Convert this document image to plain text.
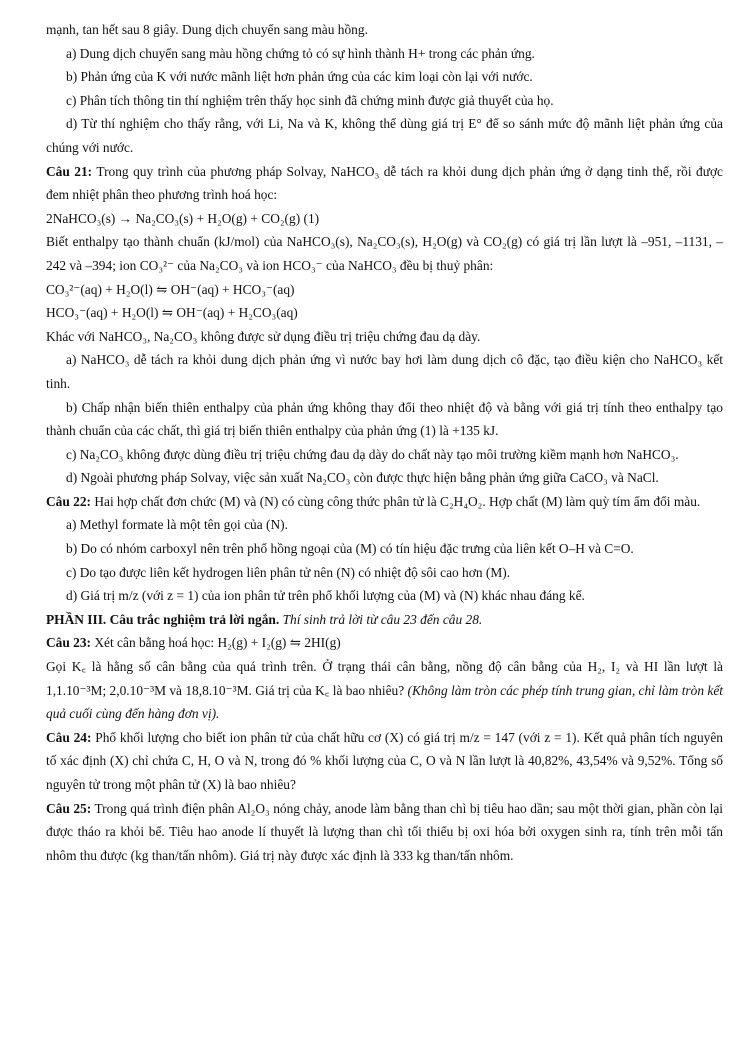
mạnh, tan hết sau 8 giây. Dung dịch chuyển sang màu hồng.

a) Dung dịch chuyển sang màu hồng chứng tỏ có sự hình thành H+ trong các phản ứng.

b) Phản ứng của K với nước mãnh liệt hơn phản ứng của các kim loại còn lại với nước.

c) Phân tích thông tin thí nghiệm trên thấy học sinh đã chứng minh được giả thuyết của họ.

d) Từ thí nghiệm cho thấy rằng, với Li, Na và K, không thể dùng giá trị E° để so sánh mức độ mãnh liệt phản ứng của chúng với nước.

Câu 21: Trong quy trình của phương pháp Solvay, NaHCO₃ dễ tách ra khỏi dung dịch phản ứng ở dạng tinh thể, rồi được đem nhiệt phân theo phương trình hoá học:

2NaHCO₃(s) → Na₂CO₃(s) + H₂O(g) + CO₂(g) (1)

Biết enthalpy tạo thành chuẩn (kJ/mol) của NaHCO₃(s), Na₂CO₃(s), H₂O(g) và CO₂(g) có giá trị lần lượt là –951, –1131, –242 và –394; ion CO₃²⁻ của Na₂CO₃ và ion HCO₃⁻ của NaHCO₃ đều bị thuỷ phân:

CO₃²⁻(aq) + H₂O(l) ⇋ OH⁻(aq) + HCO₃⁻(aq)

HCO₃⁻(aq) + H₂O(l) ⇋ OH⁻(aq) + H₂CO₃(aq)

Khác với NaHCO₃, Na₂CO₃ không được sử dụng điều trị triệu chứng đau dạ dày.

a) NaHCO₃ dễ tách ra khỏi dung dịch phản ứng vì nước bay hơi làm dung dịch cô đặc, tạo điều kiện cho NaHCO₃ kết tinh.

b) Chấp nhận biến thiên enthalpy của phản ứng không thay đổi theo nhiệt độ và bằng với giá trị tính theo enthalpy tạo thành chuẩn của các chất, thì giá trị biến thiên enthalpy của phản ứng (1) là +135 kJ.

c) Na₂CO₃ không được dùng điều trị triệu chứng đau dạ dày do chất này tạo môi trường kiềm mạnh hơn NaHCO₃.

d) Ngoài phương pháp Solvay, việc sản xuất Na₂CO₃ còn được thực hiện bằng phản ứng giữa CaCO₃ và NaCl.

Câu 22: Hai hợp chất đơn chức (M) và (N) có cùng công thức phân tử là C₂H₄O₂. Hợp chất (M) làm quỳ tím ẩm đổi màu.

a) Methyl formate là một tên gọi của (N).

b) Do có nhóm carboxyl nên trên phổ hồng ngoại của (M) có tín hiệu đặc trưng của liên kết O–H và C=O.

c) Do tạo được liên kết hydrogen liên phân tử nên (N) có nhiệt độ sôi cao hơn (M).

d) Giá trị m/z (với z = 1) của ion phân tử trên phổ khối lượng của (M) và (N) khác nhau đáng kể.

PHẦN III. Câu trắc nghiệm trả lời ngắn. Thí sinh trả lời từ câu 23 đến câu 28.

Câu 23: Xét cân bằng hoá học: H₂(g) + I₂(g) ⇋ 2HI(g)

Gọi K꜀ là hằng số cân bằng của quá trình trên. Ở trạng thái cân bằng, nồng độ cân bằng của H₂, I₂ và HI lần lượt là 1,1.10⁻³M; 2,0.10⁻³M và 18,8.10⁻³M. Giá trị của K꜀ là bao nhiêu? (Không làm tròn các phép tính trung gian, chỉ làm tròn kết quả cuối cùng đến hàng đơn vị).

Câu 24: Phổ khối lượng cho biết ion phân tử của chất hữu cơ (X) có giá trị m/z = 147 (với z = 1). Kết quả phân tích nguyên tố xác định (X) chỉ chứa C, H, O và N, trong đó % khối lượng của C, O và N lần lượt là 40,82%, 43,54% và 9,52%. Tổng số nguyên tử trong một phân tử (X) là bao nhiêu?

Câu 25: Trong quá trình điện phân Al₂O₃ nóng chảy, anode làm bằng than chì bị tiêu hao dần; sau một thời gian, phần còn lại được tháo ra khỏi bể. Tiêu hao anode lí thuyết là lượng than chì tối thiểu bị oxi hóa bởi oxygen sinh ra, tính trên mỗi tấn nhôm thu được (kg than/tấn nhôm). Giá trị này được xác định là 333 kg than/tấn nhôm.
